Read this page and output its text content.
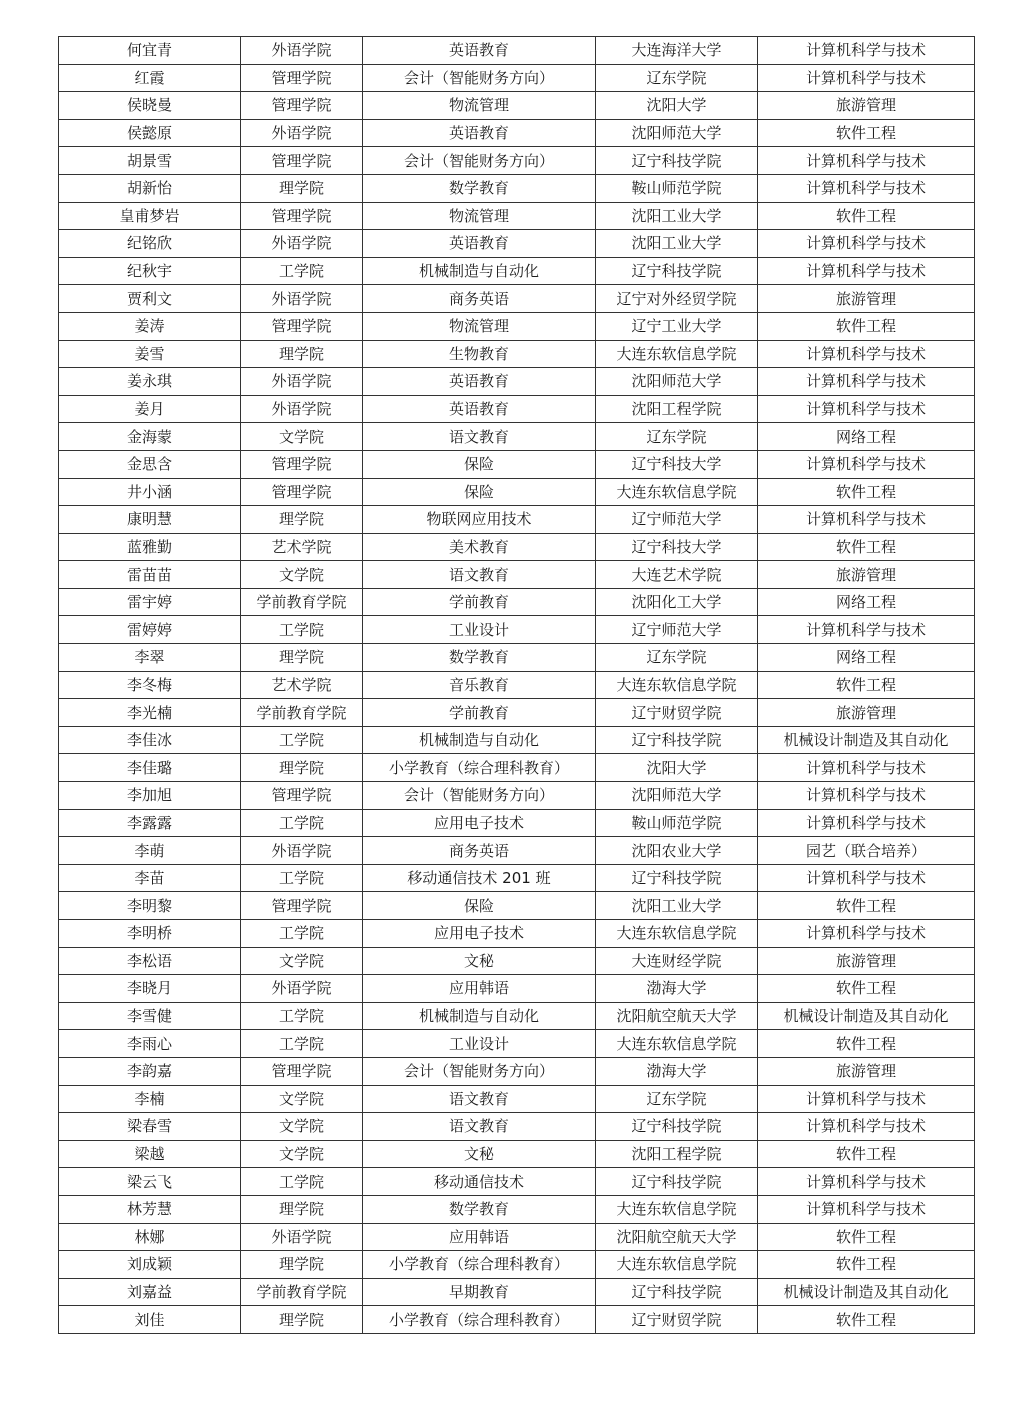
何宜青	外语学院	英语教育	大连海洋大学	计算机科学与技术
红霞	管理学院	会计（智能财务方向）	辽东学院	计算机科学与技术
侯晓曼	管理学院	物流管理	沈阳大学	旅游管理
侯懿原	外语学院	英语教育	沈阳师范大学	软件工程
胡景雪	管理学院	会计（智能财务方向）	辽宁科技学院	计算机科学与技术
胡新怡	理学院	数学教育	鞍山师范学院	计算机科学与技术
皇甫梦岩	管理学院	物流管理	沈阳工业大学	软件工程
纪铭欣	外语学院	英语教育	沈阳工业大学	计算机科学与技术
纪秋宇	工学院	机械制造与自动化	辽宁科技学院	计算机科学与技术
贾利文	外语学院	商务英语	辽宁对外经贸学院	旅游管理
姜涛	管理学院	物流管理	辽宁工业大学	软件工程
姜雪	理学院	生物教育	大连东软信息学院	计算机科学与技术
姜永琪	外语学院	英语教育	沈阳师范大学	计算机科学与技术
姜月	外语学院	英语教育	沈阳工程学院	计算机科学与技术
金海蒙	文学院	语文教育	辽东学院	网络工程
金思含	管理学院	保险	辽宁科技大学	计算机科学与技术
井小涵	管理学院	保险	大连东软信息学院	软件工程
康明慧	理学院	物联网应用技术	辽宁师范大学	计算机科学与技术
蓝雅勤	艺术学院	美术教育	辽宁科技大学	软件工程
雷苗苗	文学院	语文教育	大连艺术学院	旅游管理
雷宇婷	学前教育学院	学前教育	沈阳化工大学	网络工程
雷婷婷	工学院	工业设计	辽宁师范大学	计算机科学与技术
李翠	理学院	数学教育	辽东学院	网络工程
李冬梅	艺术学院	音乐教育	大连东软信息学院	软件工程
李光楠	学前教育学院	学前教育	辽宁财贸学院	旅游管理
李佳冰	工学院	机械制造与自动化	辽宁科技学院	机械设计制造及其自动化
李佳璐	理学院	小学教育（综合理科教育）	沈阳大学	计算机科学与技术
李加旭	管理学院	会计（智能财务方向）	沈阳师范大学	计算机科学与技术
李露露	工学院	应用电子技术	鞍山师范学院	计算机科学与技术
李萌	外语学院	商务英语	沈阳农业大学	园艺（联合培养）
李苗	工学院	移动通信技术 201 班	辽宁科技学院	计算机科学与技术
李明黎	管理学院	保险	沈阳工业大学	软件工程
李明桥	工学院	应用电子技术	大连东软信息学院	计算机科学与技术
李松语	文学院	文秘	大连财经学院	旅游管理
李晓月	外语学院	应用韩语	渤海大学	软件工程
李雪健	工学院	机械制造与自动化	沈阳航空航天大学	机械设计制造及其自动化
李雨心	工学院	工业设计	大连东软信息学院	软件工程
李韵嘉	管理学院	会计（智能财务方向）	渤海大学	旅游管理
李楠	文学院	语文教育	辽东学院	计算机科学与技术
梁春雪	文学院	语文教育	辽宁科技学院	计算机科学与技术
梁越	文学院	文秘	沈阳工程学院	软件工程
梁云飞	工学院	移动通信技术	辽宁科技学院	计算机科学与技术
林芳慧	理学院	数学教育	大连东软信息学院	计算机科学与技术
林娜	外语学院	应用韩语	沈阳航空航天大学	软件工程
刘成颖	理学院	小学教育（综合理科教育）	大连东软信息学院	软件工程
刘嘉益	学前教育学院	早期教育	辽宁科技学院	机械设计制造及其自动化
刘佳	理学院	小学教育（综合理科教育）	辽宁财贸学院	软件工程
